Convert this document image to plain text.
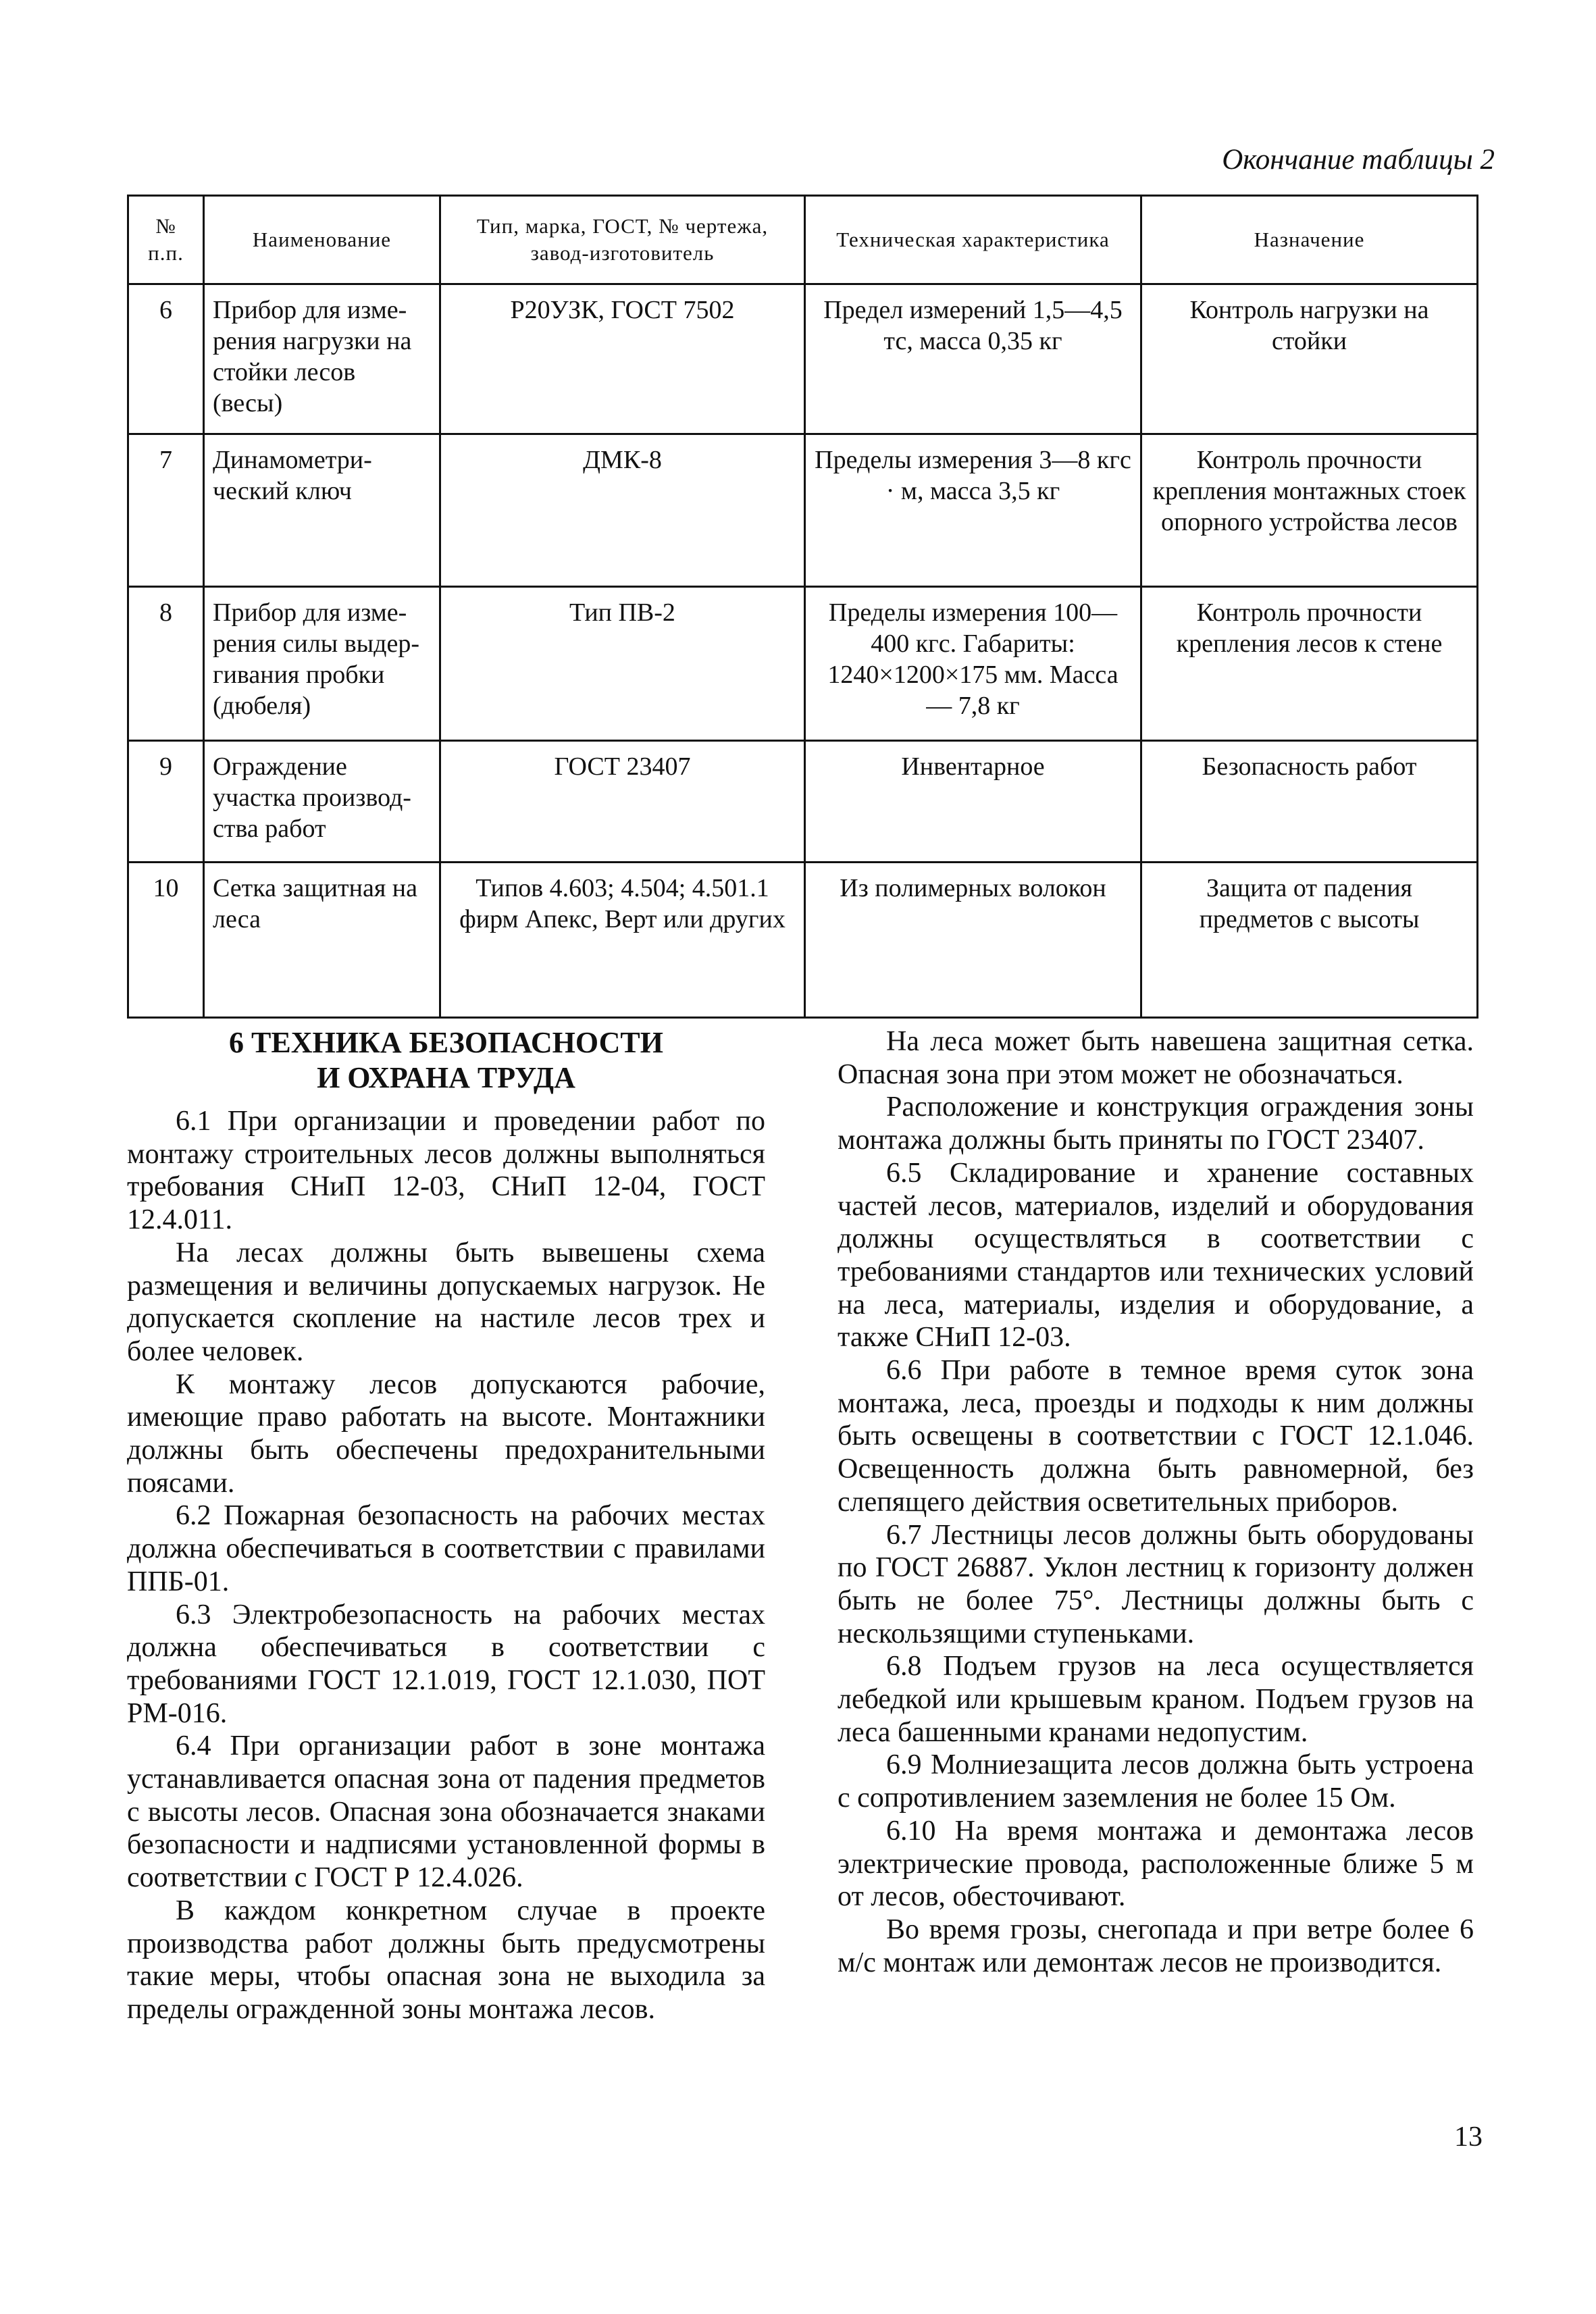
Окончание таблицы 2
№ п.п.	Наименование	Тип, марка, ГОСТ, № чертежа, завод-изготовитель	Техническая характеристика	Назначение
6	Прибор для изме-рения нагрузки на стойки лесов (весы)	Р20УЗК, ГОСТ 7502	Предел измерений 1,5—4,5 тс, масса 0,35 кг	Контроль нагрузки на стойки
7	Динамометри-ческий ключ	ДМК-8	Пределы измерения 3—8 кгс · м, масса 3,5 кг	Контроль прочности крепления монтажных стоек опорного устройства лесов
8	Прибор для изме-рения силы выдер-гивания пробки (дюбеля)	Тип ПВ-2	Пределы измерения 100—400 кгс. Габариты: 1240×1200×175 мм. Масса — 7,8 кг	Контроль прочности крепления лесов к стене
9	Ограждение участка производ-ства работ	ГОСТ 23407	Инвентарное	Безопасность работ
10	Сетка защитная на леса	Типов 4.603; 4.504; 4.501.1 фирм Апекс, Верт или других	Из полимерных волокон	Защита от падения предметов с высоты
6 ТЕХНИКА БЕЗОПАСНОСТИ
И ОХРАНА ТРУДА

6.1 При организации и проведении работ по монтажу строительных лесов должны выполняться требования СНиП 12-03, СНиП 12-04, ГОСТ 12.4.011.

На лесах должны быть вывешены схема размещения и величины допускаемых нагрузок. Не допускается скопление на настиле лесов трех и более человек.

К монтажу лесов допускаются рабочие, имеющие право работать на высоте. Монтажники должны быть обеспечены предохранительными поясами.

6.2 Пожарная безопасность на рабочих местах должна обеспечиваться в соответствии с правилами ППБ-01.

6.3 Электробезопасность на рабочих местах должна обеспечиваться в соответствии с требованиями ГОСТ 12.1.019, ГОСТ 12.1.030, ПОТ РМ-016.

6.4 При организации работ в зоне монтажа устанавливается опасная зона от падения предметов с высоты лесов. Опасная зона обозначается знаками безопасности и надписями установленной формы в соответствии с ГОСТ Р 12.4.026.

В каждом конкретном случае в проекте производства работ должны быть предусмотрены такие меры, чтобы опасная зона не выходила за пределы огражденной зоны монтажа лесов.

На леса может быть навешена защитная сетка. Опасная зона при этом может не обозначаться.

Расположение и конструкция ограждения зоны монтажа должны быть приняты по ГОСТ 23407.

6.5 Складирование и хранение составных частей лесов, материалов, изделий и оборудования должны осуществляться в соответствии с требованиями стандартов или технических условий на леса, материалы, изделия и оборудование, а также СНиП 12-03.

6.6 При работе в темное время суток зона монтажа, леса, проезды и подходы к ним должны быть освещены в соответствии с ГОСТ 12.1.046. Освещенность должна быть равномерной, без слепящего действия осветительных приборов.

6.7 Лестницы лесов должны быть оборудованы по ГОСТ 26887. Уклон лестниц к горизонту должен быть не более 75°. Лестницы должны быть с нескользящими ступеньками.

6.8 Подъем грузов на леса осуществляется лебедкой или крышевым краном. Подъем грузов на леса башенными кранами недопустим.

6.9 Молниезащита лесов должна быть устроена с сопротивлением заземления не более 15 Ом.

6.10 На время монтажа и демонтажа лесов электрические провода, расположенные ближе 5 м от лесов, обесточивают.

Во время грозы, снегопада и при ветре более 6 м/с монтаж или демонтаж лесов не производится.

13
